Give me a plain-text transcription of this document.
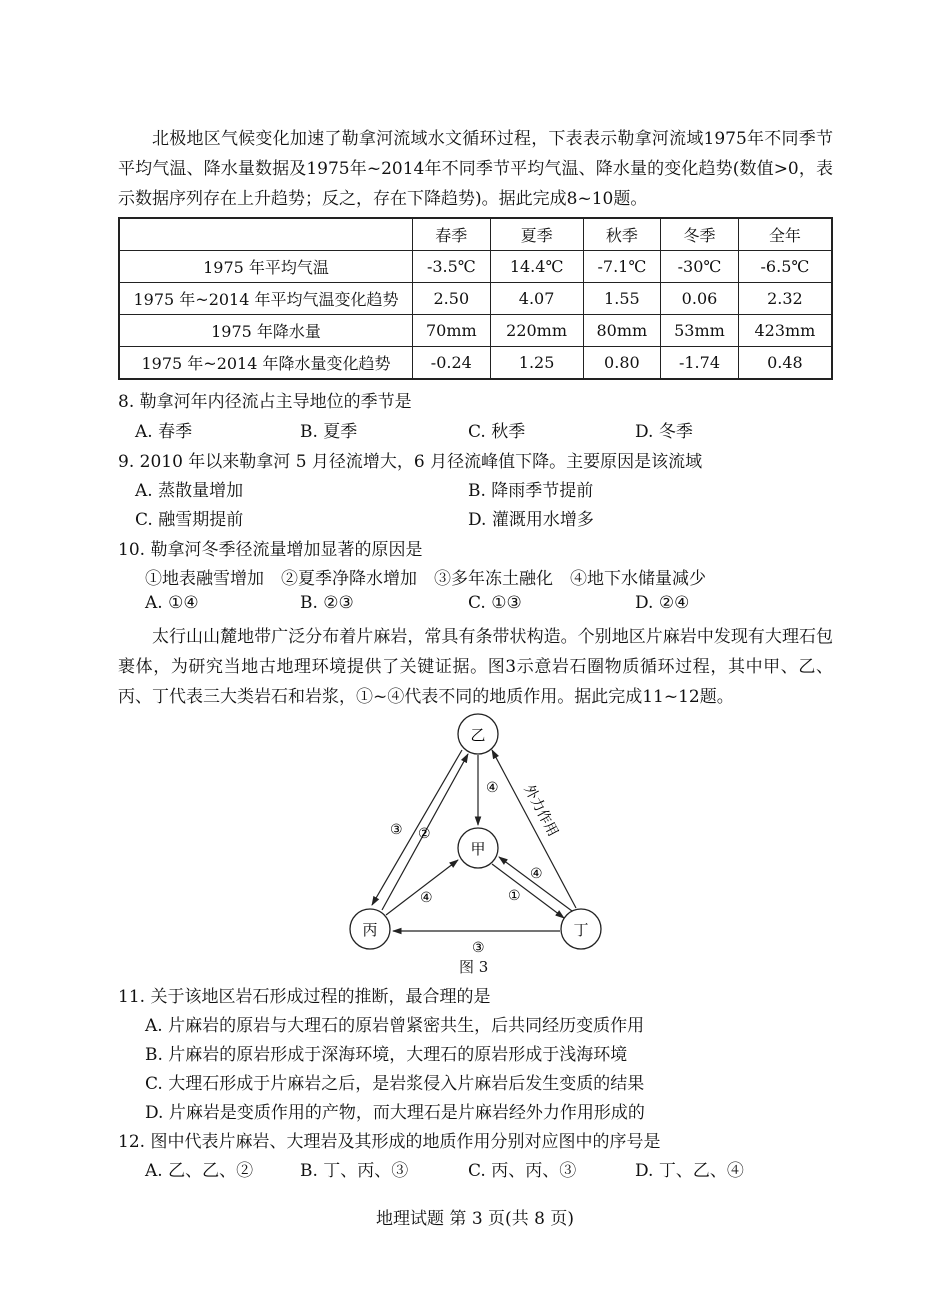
北极地区气候变化加速了勒拿河流域水文循环过程，下表表示勒拿河流域1975年不同季节平均气温、降水量数据及1975年~2014年不同季节平均气温、降水量的变化趋势(数值>0，表示数据序列存在上升趋势；反之，存在下降趋势)。据此完成8~10题。
	春季	夏季	秋季	冬季	全年
1975 年平均气温	-3.5℃	14.4℃	-7.1℃	-30℃	-6.5℃
1975 年~2014 年平均气温变化趋势	2.50	4.07	1.55	0.06	2.32
1975 年降水量	70mm	220mm	80mm	53mm	423mm
1975 年~2014 年降水量变化趋势	-0.24	1.25	0.80	-1.74	0.48
8. 勒拿河年内径流占主导地位的季节是
A. 春季	B. 夏季	C. 秋季	D. 冬季
9. 2010 年以来勒拿河 5 月径流增大，6 月径流峰值下降。主要原因是该流域
A. 蒸散量增加	B. 降雨季节提前
C. 融雪期提前	D. 灌溉用水增多
10. 勒拿河冬季径流量增加显著的原因是
①地表融雪增加　②夏季净降水增加　③多年冻土融化　④地下水储量减少
A. ①④	B. ②③	C. ①③	D. ②④
太行山山麓地带广泛分布着片麻岩，常具有条带状构造。个别地区片麻岩中发现有大理石包裹体，为研究当地古地理环境提供了关键证据。图3示意岩石圈物质循环过程，其中甲、乙、丙、丁代表三大类岩石和岩浆，①~④代表不同的地质作用。据此完成11~12题。
乙
甲
丙	丁
④
③ ②
④
④
①
外力作用
③
图 3
11. 关于该地区岩石形成过程的推断，最合理的是
A. 片麻岩的原岩与大理石的原岩曾紧密共生，后共同经历变质作用
B. 片麻岩的原岩形成于深海环境，大理石的原岩形成于浅海环境
C. 大理石形成于片麻岩之后，是岩浆侵入片麻岩后发生变质的结果
D. 片麻岩是变质作用的产物，而大理石是片麻岩经外力作用形成的
12. 图中代表片麻岩、大理岩及其形成的地质作用分别对应图中的序号是
A. 乙、乙、②	B. 丁、丙、③	C. 丙、丙、③	D. 丁、乙、④
地理试题 第 3 页(共 8 页)
